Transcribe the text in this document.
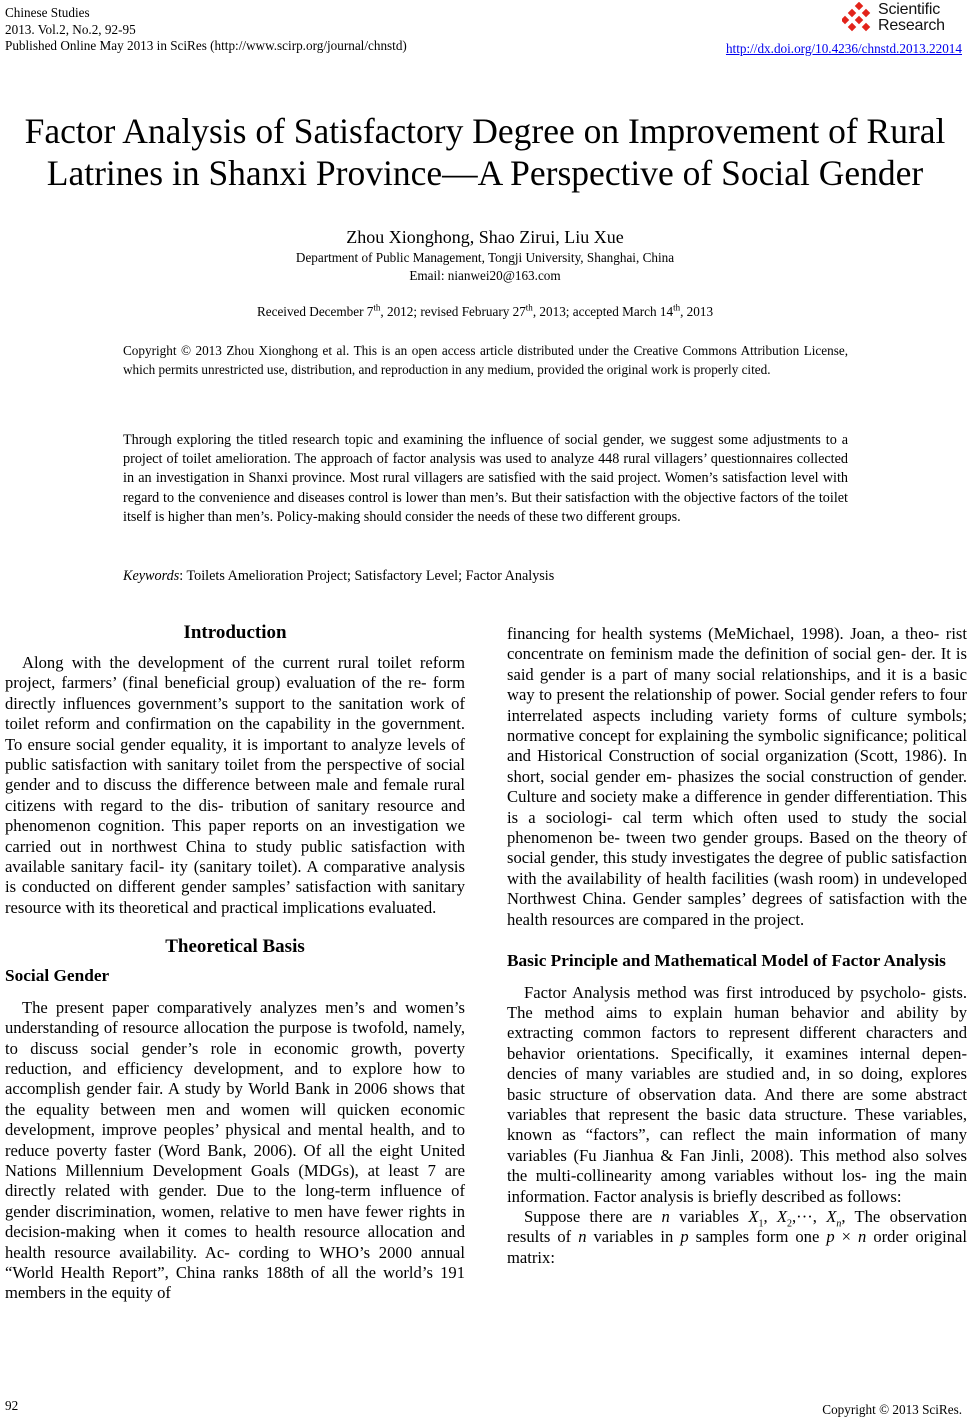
Chinese Studies
2013. Vol.2, No.2, 92-95
Published Online May 2013 in SciRes (http://www.scirp.org/journal/chnstd)
Scientific
Research
http://dx.doi.org/10.4236/chnstd.2013.22014
Factor Analysis of Satisfactory Degree on Improvement of Rural
Latrines in Shanxi Province—A Perspective of Social Gender
Zhou Xionghong, Shao Zirui, Liu Xue
Department of Public Management, Tongji University, Shanghai, China
Email: nianwei20@163.com
Received December 7th, 2012; revised February 27th, 2013; accepted March 14th, 2013
Copyright © 2013 Zhou Xionghong et al. This is an open access article distributed under the Creative Commons Attribution License, which permits unrestricted use, distribution, and reproduction in any medium, provided the original work is properly cited.
Through exploring the titled research topic and examining the influence of social gender, we suggest some adjustments to a project of toilet amelioration. The approach of factor analysis was used to analyze 448 rural villagers’ questionnaires collected in an investigation in Shanxi province. Most rural villagers are satisfied with the said project. Women’s satisfaction level with regard to the convenience and diseases control is lower than men’s. But their satisfaction with the objective factors of the toilet itself is higher than men’s. Policy-making should consider the needs of these two different groups.
Keywords: Toilets Amelioration Project; Satisfactory Level; Factor Analysis
Introduction

Along with the development of the current rural toilet reform project, farmers’ (final beneficial group) evaluation of the re- form directly influences government’s support to the sanitation work of toilet reform and confirmation on the capability in the government. To ensure social gender equality, it is important to analyze levels of public satisfaction with sanitary toilet from the perspective of social gender and to discuss the difference between male and female rural citizens with regard to the dis- tribution of sanitary resource and phenomenon cognition. This paper reports on an investigation we carried out in northwest China to study public satisfaction with available sanitary facil- ity (sanitary toilet). A comparative analysis is conducted on different gender samples’ satisfaction with sanitary resource with its theoretical and practical implications evaluated.

Theoretical Basis
Social Gender

The present paper comparatively analyzes men’s and women’s understanding of resource allocation the purpose is twofold, namely, to discuss social gender’s role in economic growth, poverty reduction, and efficiency development, and to explore how to accomplish gender fair. A study by World Bank in 2006 shows that the equality between men and women will quicken economic development, improve peoples’ physical and mental health, and to reduce poverty faster (Word Bank, 2006). Of all the eight United Nations Millennium Development Goals (MDGs), at least 7 are directly related with gender. Due to the long-term influence of gender discrimination, women, relative to men have fewer rights in decision-making when it comes to health resource allocation and health resource availability. Ac- cording to WHO’s 2000 annual “World Health Report”, China ranks 188th of all the world’s 191 members in the equity of

financing for health systems (MeMichael, 1998). Joan, a theo- rist concentrate on feminism made the definition of social gen- der. It is said gender is a part of many social relationships, and it is a basic way to present the relationship of power. Social gender refers to four interrelated aspects including variety forms of culture symbols; normative concept for explaining the symbolic significance; political and Historical Construction of social organization (Scott, 1986). In short, social gender em- phasizes the social construction of gender. Culture and society make a difference in gender differentiation. This is a sociologi- cal term which often used to study the social phenomenon be- tween two gender groups. Based on the theory of social gender, this study investigates the degree of public satisfaction with the availability of health facilities (wash room) in undeveloped Northwest China. Gender samples’ degrees of satisfaction with the health resources are compared in the project.

Basic Principle and Mathematical Model of Factor Analysis

Factor Analysis method was first introduced by psycholo- gists. The method aims to explain human behavior and ability by extracting common factors to represent different characters and behavior orientations. Specifically, it examines internal depen- dencies of many variables are studied and, in so doing, explores basic structure of observation data. And there are some abstract variables that represent the basic data structure. These variables, known as “factors”, can reflect the main information of many variables (Fu Jianhua & Fan Jinli, 2008). This method also solves the multi-collinearity among variables without los- ing the main information. Factor analysis is briefly described as follows:

Suppose there are n variables $X_1$, $X_2,\cdot\cdot\cdot$, $X_n$, The observation results of n variables in p samples form one p × n order original matrix:

92	Copyright © 2013 SciRes.
